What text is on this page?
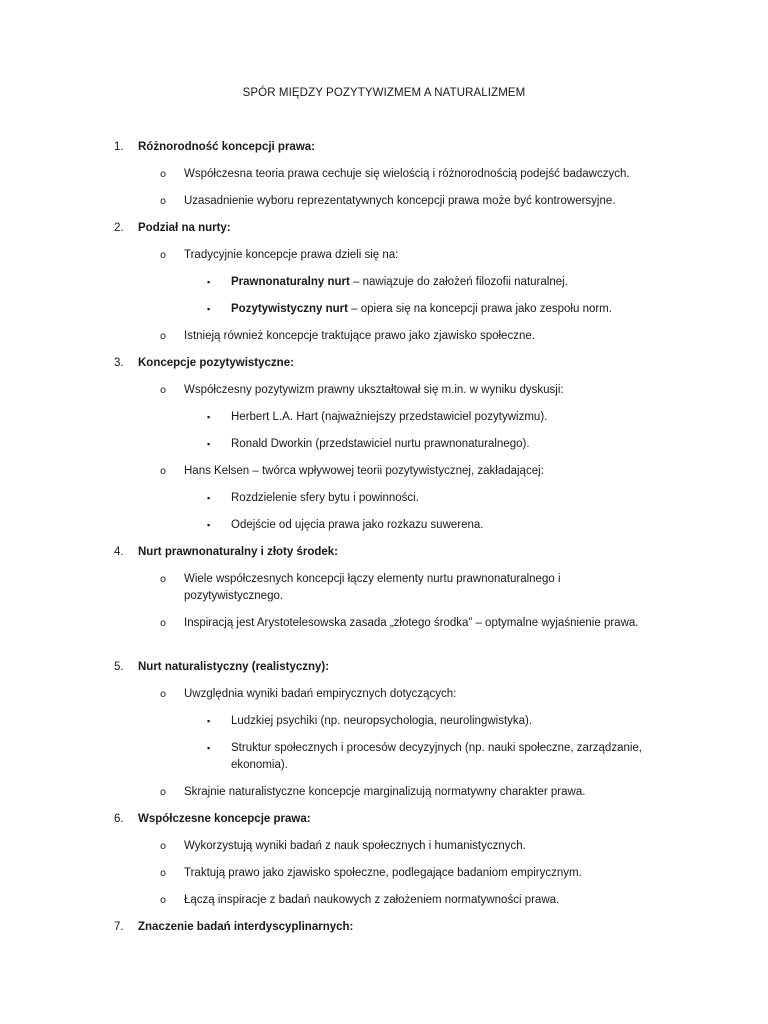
SPÓR MIĘDZY POZYTYWIZMEM A NATURALIZMEM
1. Różnorodność koncepcji prawa:
o Współczesna teoria prawa cechuje się wielością i różnorodnością podejść badawczych.
o Uzasadnienie wyboru reprezentatywnych koncepcji prawa może być kontrowersyjne.
2. Podział na nurty:
o Tradycyjnie koncepcje prawa dzieli się na:
▪ Prawnonaturalny nurt – nawiązuje do założeń filozofii naturalnej.
▪ Pozytywistyczny nurt – opiera się na koncepcji prawa jako zespołu norm.
o Istnieją również koncepcje traktujące prawo jako zjawisko społeczne.
3. Koncepcje pozytywistyczne:
o Współczesny pozytywizm prawny ukształtował się m.in. w wyniku dyskusji:
▪ Herbert L.A. Hart (najważniejszy przedstawiciel pozytywizmu).
▪ Ronald Dworkin (przedstawiciel nurtu prawnonaturalnego).
o Hans Kelsen – twórca wpływowej teorii pozytywistycznej, zakładającej:
▪ Rozdzielenie sfery bytu i powinności.
▪ Odejście od ujęcia prawa jako rozkazu suwerena.
4. Nurt prawnonaturalny i złoty środek:
o Wiele współczesnych koncepcji łączy elementy nurtu prawnonaturalnego i pozytywistycznego.
o Inspiracją jest Arystotelesowska zasada „złotego środka” – optymalne wyjaśnienie prawa.
5. Nurt naturalistyczny (realistyczny):
o Uwzględnia wyniki badań empirycznych dotyczących:
▪ Ludzkiej psychiki (np. neuropsychologia, neurolingwistyka).
▪ Struktur społecznych i procesów decyzyjnych (np. nauki społeczne, zarządzanie, ekonomia).
o Skrajnie naturalistyczne koncepcje marginalizują normatywny charakter prawa.
6. Współczesne koncepcje prawa:
o Wykorzystują wyniki badań z nauk społecznych i humanistycznych.
o Traktują prawo jako zjawisko społeczne, podlegające badaniom empirycznym.
o Łączą inspiracje z badań naukowych z założeniem normatywności prawa.
7. Znaczenie badań interdyscyplinarnych:
